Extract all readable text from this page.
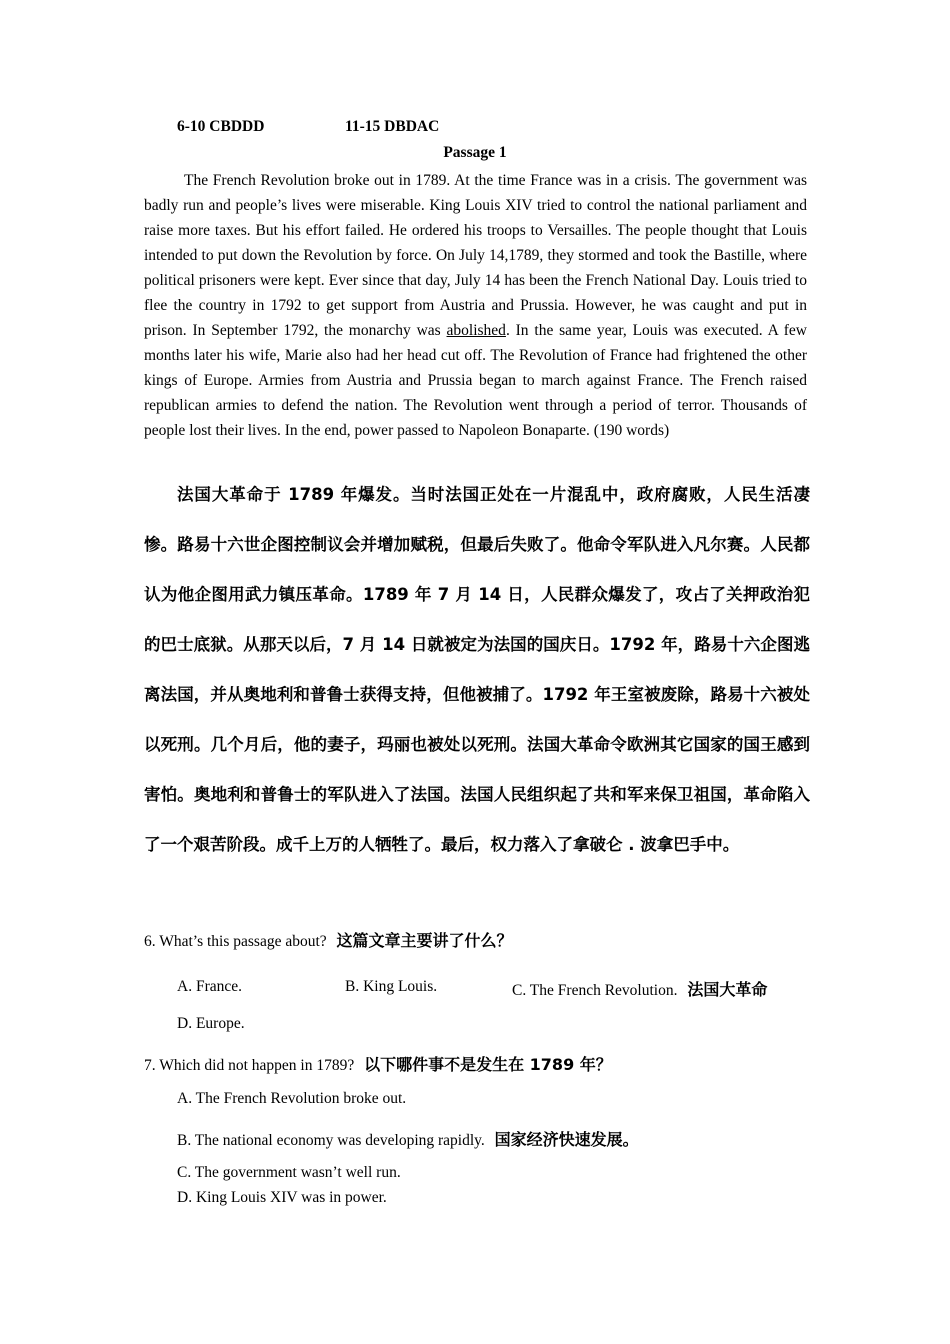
6-10 CBDDD	11-15 DBDAC
Passage 1

The French Revolution broke out in 1789. At the time France was in a crisis. The government was badly run and people’s lives were miserable. King Louis XIV tried to control the national parliament and raise more taxes. But his effort failed. He ordered his troops to Versailles. The people thought that Louis intended to put down the Revolution by force. On July 14,1789, they stormed and took the Bastille, where political prisoners were kept. Ever since that day, July 14 has been the French National Day. Louis tried to flee the country in 1792 to get support from Austria and Prussia. However, he was caught and put in prison. In September 1792, the monarchy was abolished. In the same year, Louis was executed. A few months later his wife, Marie also had her head cut off. The Revolution of France had frightened the other kings of Europe. Armies from Austria and Prussia began to march against France. The French raised republican armies to defend the nation. The Revolution went through a period of terror. Thousands of people lost their lives. In the end, power passed to Napoleon Bonaparte. (190 words)

法国大革命于 1789 年爆发。当时法国正处在一片混乱中，政府腐败，人民生活凄惨。路易十六世企图控制议会并增加赋税，但最后失败了。他命令军队进入凡尔赛。人民都认为他企图用武力镇压革命。1789 年 7 月 14 日，人民群众爆发了，攻占了关押政治犯的巴士底狱。从那天以后，7 月 14 日就被定为法国的国庆日。1792 年，路易十六企图逃离法国，并从奥地利和普鲁士获得支持，但他被捕了。1792 年王室被废除，路易十六被处以死刑。几个月后，他的妻子，玛丽也被处以死刑。法国大革命令欧洲其它国家的国王感到害怕。奥地利和普鲁士的军队进入了法国。法国人民组织起了共和军来保卫祖国，革命陷入了一个艰苦阶段。成千上万的人牺牲了。最后，权力落入了拿破仑 . 波拿巴手中。

6. What’s this passage about? 这篇文章主要讲了什么？
A. France.	B. King Louis.	C. The French Revolution. 法国大革命
D. Europe.
7. Which did not happen in 1789? 以下哪件事不是发生在 1789 年？
A. The French Revolution broke out.
B. The national economy was developing rapidly. 国家经济快速发展。
C. The government wasn’t well run.
D. King Louis XIV was in power.
